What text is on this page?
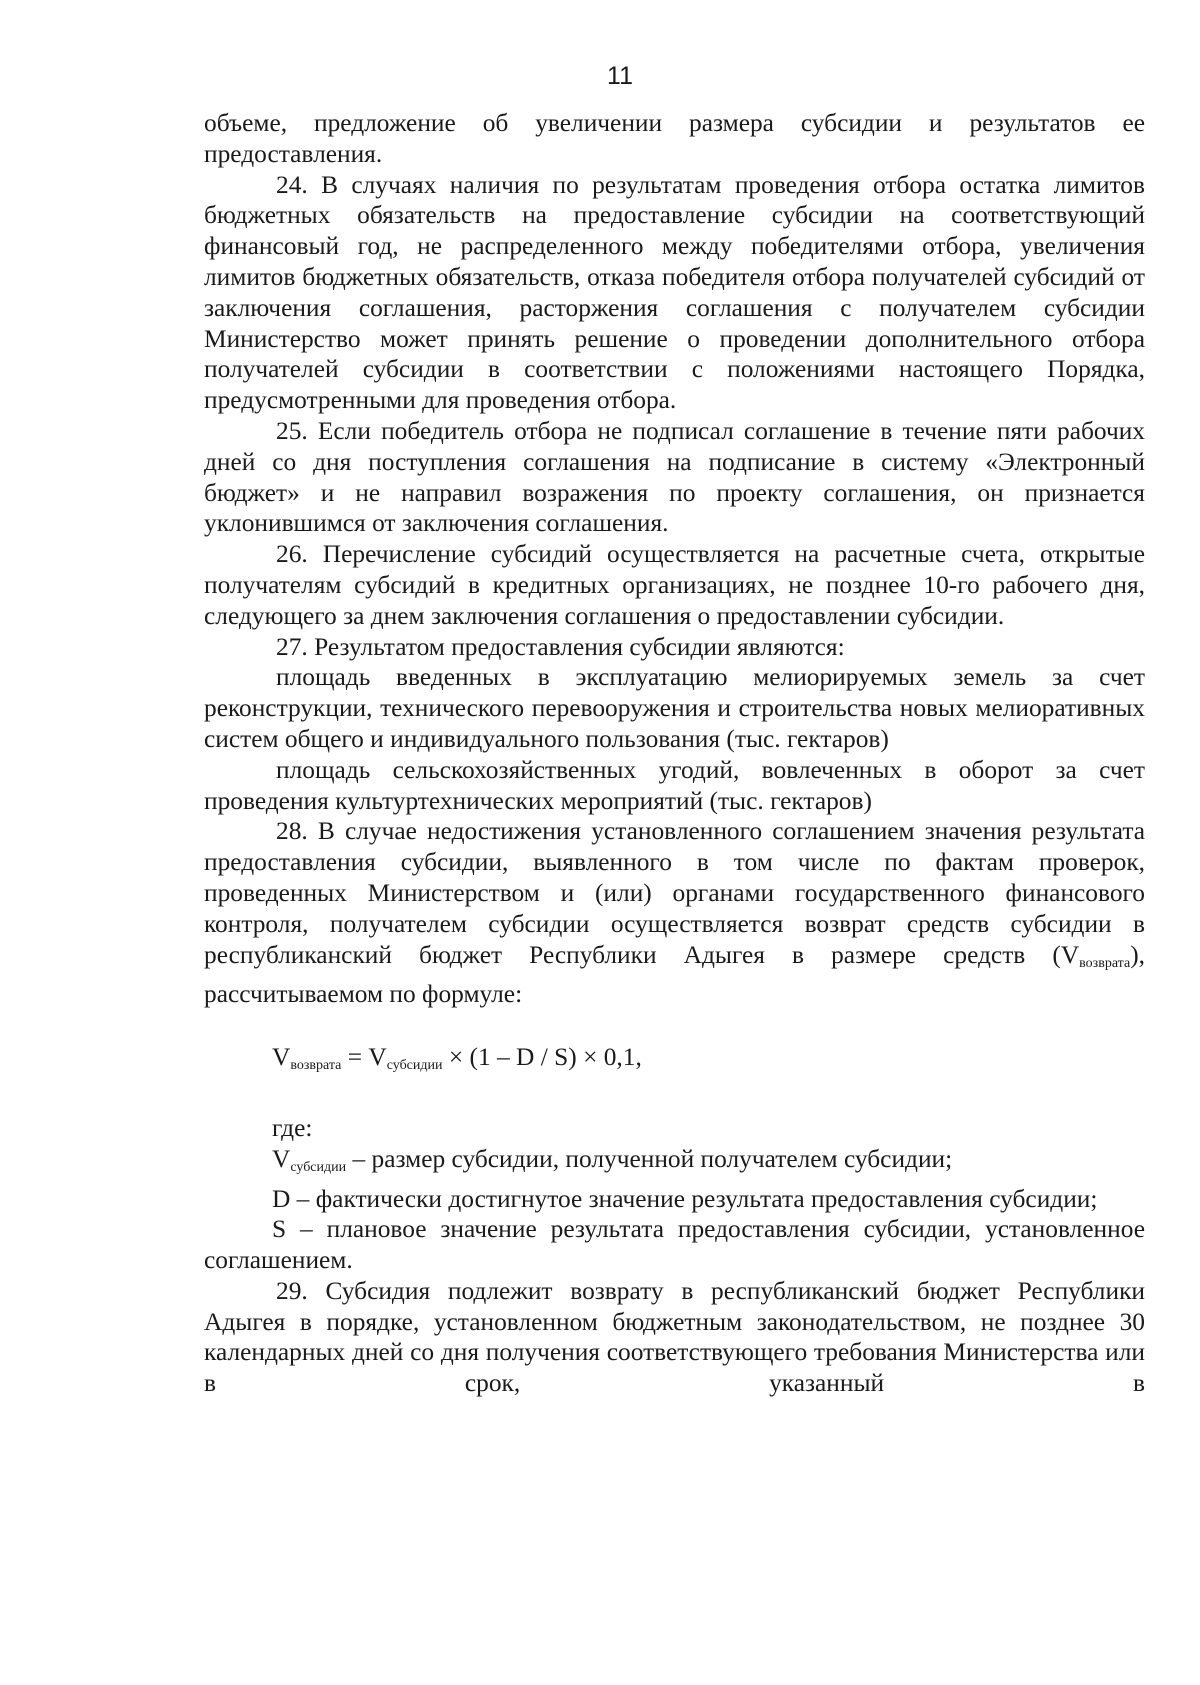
11

объеме, предложение об увеличении размера субсидии и результатов ее предоставления.

24. В случаях наличия по результатам проведения отбора остатка лимитов бюджетных обязательств на предоставление субсидии на соответствующий финансовый год, не распределенного между победителями отбора, увеличения лимитов бюджетных обязательств, отказа победителя отбора получателей субсидий от заключения соглашения, расторжения соглашения с получателем субсидии Министерство может принять решение о проведении дополнительного отбора получателей субсидии в соответствии с положениями настоящего Порядка, предусмотренными для проведения отбора.

25. Если победитель отбора не подписал соглашение в течение пяти рабочих дней со дня поступления соглашения на подписание в систему «Электронный бюджет» и не направил возражения по проекту соглашения, он признается уклонившимся от заключения соглашения.

26. Перечисление субсидий осуществляется на расчетные счета, открытые получателям субсидий в кредитных организациях, не позднее 10-го рабочего дня, следующего за днем заключения соглашения о предоставлении субсидии.

27. Результатом предоставления субсидии являются:

площадь введенных в эксплуатацию мелиорируемых земель за счет реконструкции, технического перевооружения и строительства новых мелиоративных систем общего и индивидуального пользования (тыс. гектаров)

площадь сельскохозяйственных угодий, вовлеченных в оборот за счет проведения культуртехнических мероприятий (тыс. гектаров)

28. В случае недостижения установленного соглашением значения результата предоставления субсидии, выявленного в том числе по фактам проверок, проведенных Министерством и (или) органами государственного финансового контроля, получателем субсидии осуществляется возврат средств субсидии в республиканский бюджет Республики Адыгея в размере средств $(V_{возврата})$, рассчитываемом по формуле:

$V_{возврата} = V_{субсидии} \times (1 - D / S) \times 0,1$,

где:

$V_{субсидии}$ – размер субсидии, полученной получателем субсидии;

D – фактически достигнутое значение результата предоставления субсидии;

S – плановое значение результата предоставления субсидии, установленное соглашением.

29. Субсидия подлежит возврату в республиканский бюджет Республики Адыгея в порядке, установленном бюджетным законодательством, не позднее 30 календарных дней со дня получения соответствующего требования Министерства или в срок, указанный в
